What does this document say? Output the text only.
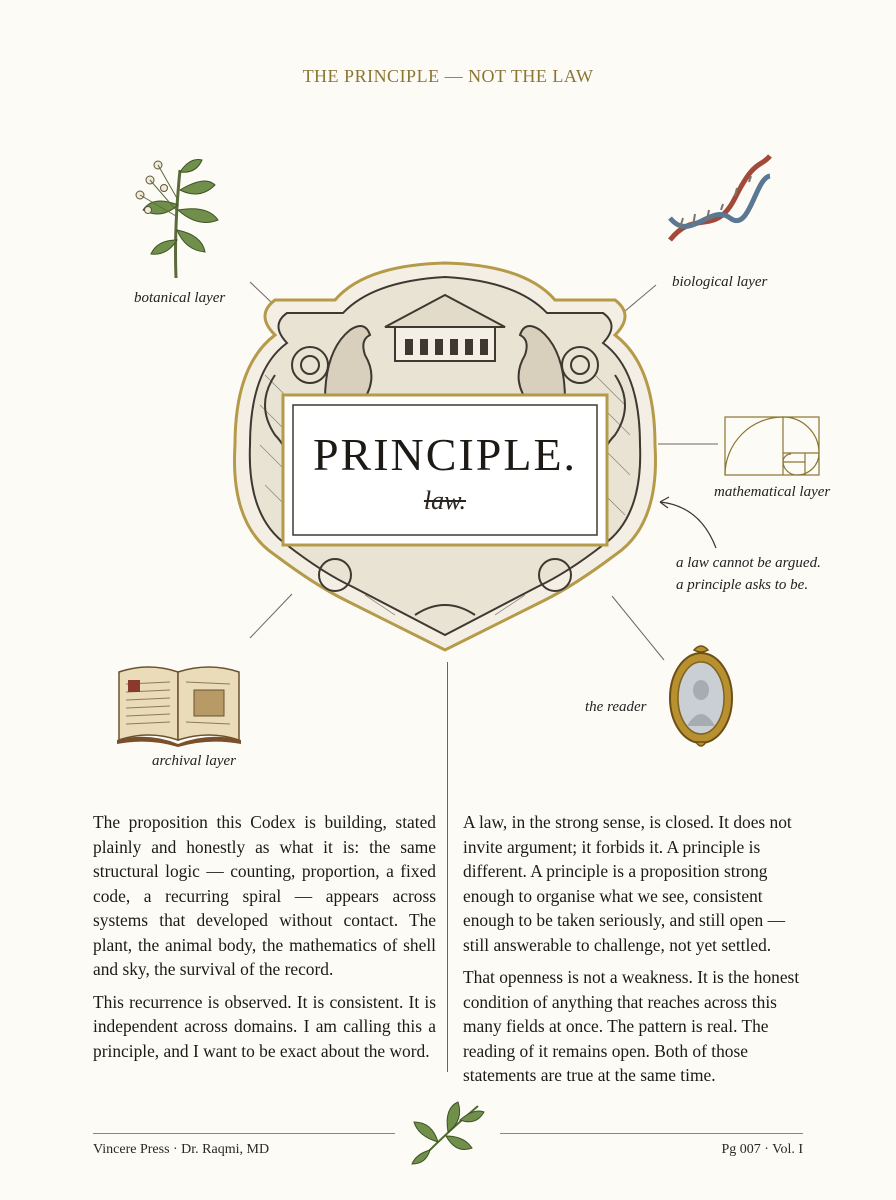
THE PRINCIPLE — NOT THE LAW
PRINCIPLE.
law.
botanical layer
biological layer
mathematical layer
a law cannot be argued.
a principle asks to be.
archival layer
the reader

The proposition this Codex is building, stated plainly and honestly as what it is: the same structural logic — counting, proportion, a fixed code, a recurring spiral — appears across systems that developed without contact. The plant, the animal body, the mathematics of shell and sky, the survival of the record.

This recurrence is observed. It is consistent. It is independent across domains. I am calling this a principle, and I want to be exact about the word.

A law, in the strong sense, is closed. It does not invite argument; it forbids it. A principle is different. A principle is a proposition strong enough to organise what we see, consistent enough to be taken seriously, and still open — still answerable to challenge, not yet settled.

That openness is not a weakness. It is the honest condition of anything that reaches across this many fields at once. The pattern is real. The reading of it remains open. Both of those statements are true at the same time.

Vincere Press · Dr. Raqmi, MD	Pg 007 · Vol. I
